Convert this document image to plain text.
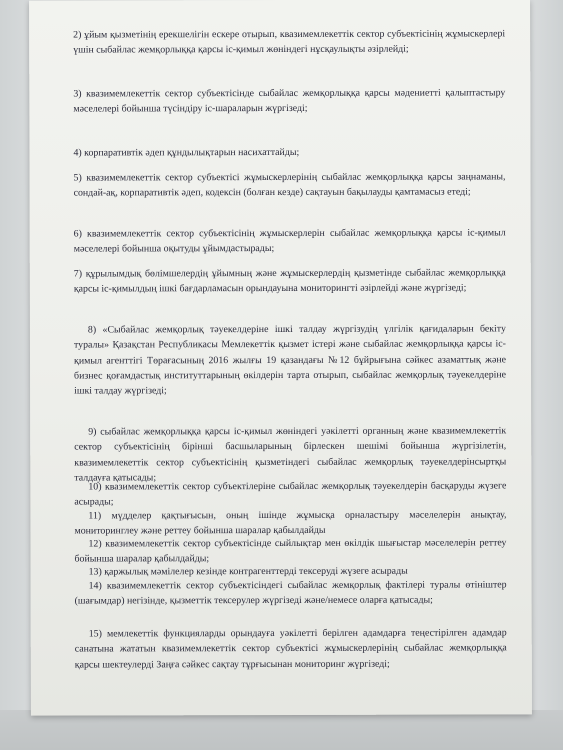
2) ұйым қызметінің ерекшелігін ескере отырып, квазимемлекеттік сектор субъектісінің жұмыскерлері үшін сыбайлас жемқорлыққа қарсы іс-қимыл жөніндегі нұсқаулықты әзірлейді;

3) квазимемлекеттік сектор субъектісінде сыбайлас жемқорлыққа қарсы мәдениетті қалыптастыру мәселелері бойынша түсіндіру іс-шараларын жүргізеді;

4) корпаративтік әдеп құндылықтарын насихаттайды;

5) квазимемлекеттік сектор субъектісі жұмыскерлерінің сыбайлас жемқорлыққа қарсы заңнаманы, сондай-ақ, корпаративтік әдеп, кодексін (болған кезде) сақтауын бақылауды қамтамасыз етеді;

6) квазимемлекеттік сектор субъектісінің жұмыскерлерін сыбайлас жемқорлыққа қарсы іс-қимыл мәселелері бойынша оқытуды ұйымдастырады;

7) құрылымдық бөлімшелердің ұйымның және жұмыскерлердің қызметінде сыбайлас жемқорлыққа қарсы іс-қимылдың ішкі бағдарламасын орындауына мониторингті әзірлейді және жүргізеді;

8) «Сыбайлас жемқорлық тәуекелдеріне ішкі талдау жүргізудің үлгілік қағидаларын бекіту туралы» Қазақстан Республикасы Мемлекеттік қызмет істері және сыбайлас жемқорлыққа қарсы іс-қимыл агенттігі Төрағасының 2016 жылғы 19 қазандағы №12 бұйрығына сәйкес азаматтық және бизнес қоғамдастық институттарының өкілдерін тарта отырып, сыбайлас жемқорлық тәуекелдеріне ішкі талдау жүргізеді;

9) сыбайлас жемқорлыққа қарсы іс-қимыл жөніндегі уәкілетті органның және квазимемлекеттік сектор субъектісінің бірінші басшыларының бірлескен шешімі бойынша жүргізілетін, квазимемлекеттік сектор субъектісінің қызметіндегі сыбайлас жемқорлық тәуекелдерінсыртқы талдауға қатысады;

10) квазимемлекеттік сектор субъектілеріне сыбайлас жемқорлық тәуекелдерін басқаруды жүзеге асырады;

11) мүдделер қақтығысын, оның ішінде жұмысқа орналастыру мәселелерін анықтау, мониторинглеу және реттеу бойынша шаралар қабылдайды

12) квазимемлекеттік сектор субъектісінде сыйлықтар мен өкілдік шығыстар мәселелерін реттеу бойынша шаралар қабылдайды;

13) қаржылық мәмілелер кезінде контрагенттерді тексеруді жүзеге асырады

14) квазимемлекеттік сектор субъектісіндегі сыбайлас жемқорлық фактілері туралы өтініштер (шағымдар) негізінде, қызметтік тексерулер жүргізеді және/немесе оларға қатысады;

15) мемлекеттік функцияларды орындауға уәкілетті берілген адамдарға теңестірілген адамдар санатына жататын квазимемлекеттік сектор субъектісі жұмыскерлерінің сыбайлас жемқорлыққа қарсы шектеулерді Заңға сәйкес сақтау тұрғысынан мониторинг жүргізеді;
